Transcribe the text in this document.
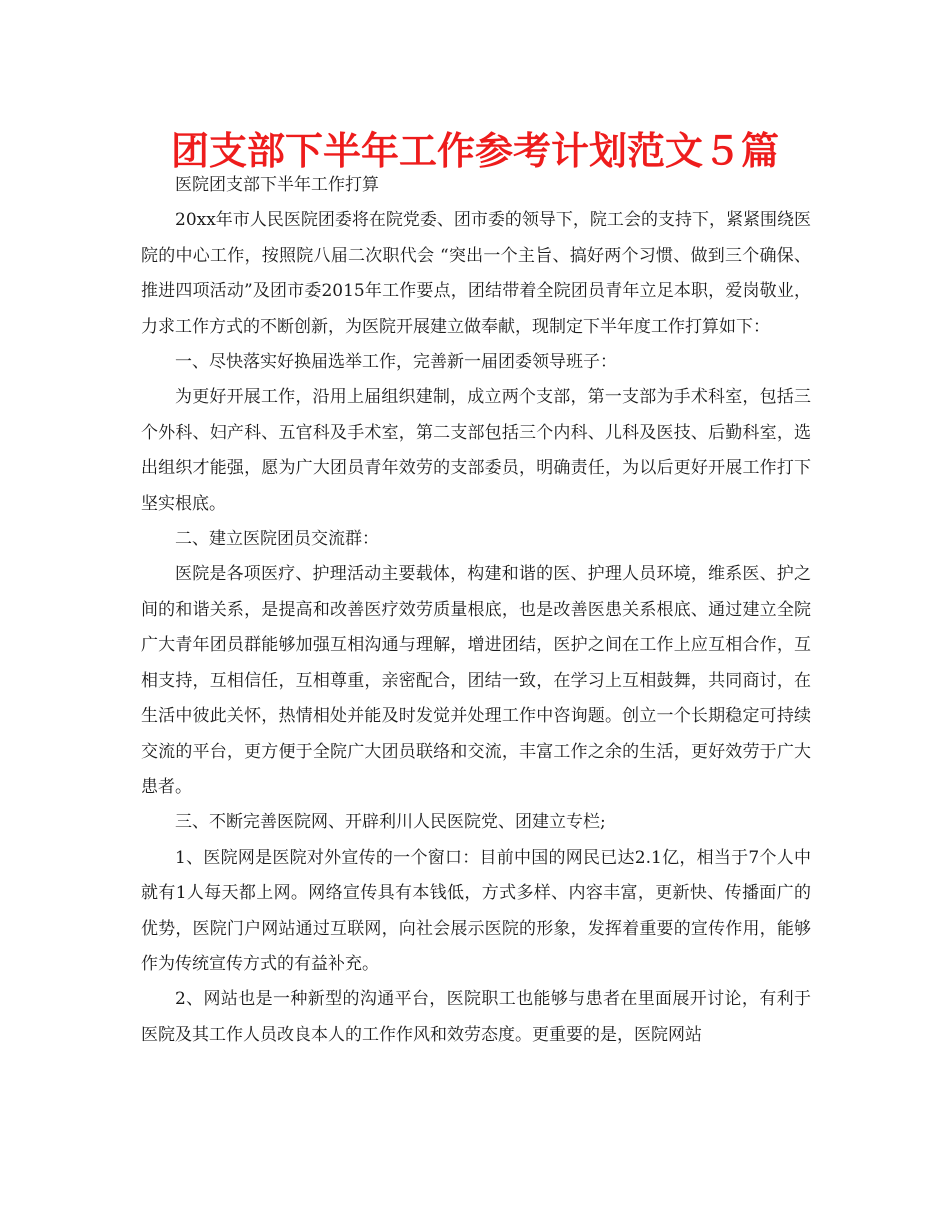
团支部下半年工作参考计划范文５篇

医院团支部下半年工作打算

20xx年市人民医院团委将在院党委、团市委的领导下，院工会的支持下，紧紧围绕医院的中心工作，按照院八届二次职代会 “突出一个主旨、搞好两个习惯、做到三个确保、推进四项活动”及团市委2015年工作要点，团结带着全院团员青年立足本职，爱岗敬业，力求工作方式的不断创新，为医院开展建立做奉献，现制定下半年度工作打算如下：

一、尽快落实好换届选举工作，完善新一届团委领导班子：

为更好开展工作，沿用上届组织建制，成立两个支部，第一支部为手术科室，包括三个外科、妇产科、五官科及手术室，第二支部包括三个内科、儿科及医技、后勤科室，选出组织才能强，愿为广大团员青年效劳的支部委员，明确责任，为以后更好开展工作打下坚实根底。

二、建立医院团员交流群：

医院是各项医疗、护理活动主要载体，构建和谐的医、护理人员环境，维系医、护之间的和谐关系，是提高和改善医疗效劳质量根底，也是改善医患关系根底、通过建立全院广大青年团员群能够加强互相沟通与理解，增进团结，医护之间在工作上应互相合作，互相支持，互相信任，互相尊重，亲密配合，团结一致，在学习上互相鼓舞，共同商讨，在生活中彼此关怀，热情相处并能及时发觉并处理工作中咨询题。创立一个长期稳定可持续交流的平台，更方便于全院广大团员联络和交流，丰富工作之余的生活，更好效劳于广大患者。

三、不断完善医院网、开辟利川人民医院党、团建立专栏;

1、医院网是医院对外宣传的一个窗口：目前中国的网民已达2.1亿，相当于7个人中就有1人每天都上网。网络宣传具有本钱低，方式多样、内容丰富，更新快、传播面广的优势，医院门户网站通过互联网，向社会展示医院的形象，发挥着重要的宣传作用，能够作为传统宣传方式的有益补充。

2、网站也是一种新型的沟通平台，医院职工也能够与患者在里面展开讨论，有利于医院及其工作人员改良本人的工作作风和效劳态度。更重要的是，医院网站
